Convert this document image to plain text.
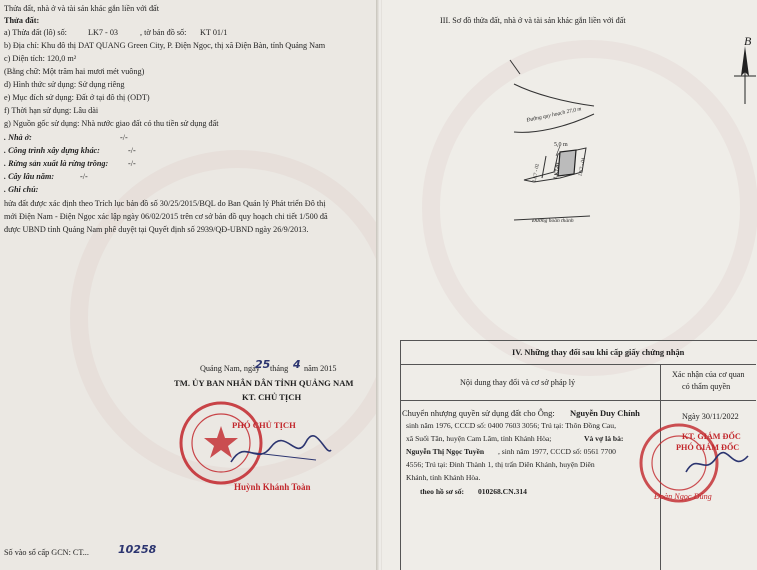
Thửa đất, nhà ở và tài sản khác gắn liền với đất
Thửa đất:
a) Thửa đất (lô) số:	LK7 - 03	, tờ bản đồ số: KT 01/1
b) Địa chỉ: Khu đô thị DAT QUANG Green City, P. Điện Ngọc, thị xã Điện Bàn, tỉnh Quảng Nam
c) Diện tích: 120,0 m²
(Bằng chữ: Một trăm hai mươi mét vuông)
d) Hình thức sử dụng: Sử dụng riêng
e) Mục đích sử dụng: Đất ở tại đô thị (ODT)
f) Thời hạn sử dụng: Lâu dài
g) Nguồn gốc sử dụng: Nhà nước giao đất có thu tiền sử dụng đất
. Nhà ở:	-/-
. Công trình xây dựng khác:	-/-
. Rừng sản xuất là rừng trồng: -/-
. Cây lâu năm:	-/-
. Ghi chú:
hửa đất được xác định theo Trích lục bản đồ số 30/25/2015/BQL do Ban Quản lý Phát triển Đô thị
mới Điện Nam - Điện Ngọc xác lập ngày 06/02/2015 trên cơ sở bản đồ quy hoạch chi tiết 1/500 đã
được UBND tỉnh Quảng Nam phê duyệt tại Quyết định số 2939/QĐ-UBND ngày 26/9/2013.
Quảng Nam, ngày
25 tháng 4 năm 2015
TM. ỦY BAN NHÂN DÂN TỈNH QUẢNG NAM
KT. CHỦ TỊCH
PHÓ CHỦ TỊCH
Huỳnh Khánh Toàn
Số vào sổ cấp GCN: CT...	10258
III. Sơ đồ thửa đất, nhà ở và tài sản khác gắn liền với đất
B
Đường quy hoạch 27,0 m
5,0 m
LK7 - 02	LK7-03	LK7 - 04
Đường hoàn thành
IV. Những thay đổi sau khi cấp giấy chứng nhận
Nội dung thay đổi và cơ sở pháp lý
Xác nhận của cơ quan
có thẩm quyền
Chuyển nhượng quyền sử dụng đất cho Ông: Nguyễn Duy Chính
sinh năm 1976, CCCD số: 0400 7603 3056; Trú tại: Thôn Đồng Cau,
xã Suối Tân, huyện Cam Lâm, tỉnh Khánh Hòa;	Và vợ là bà:
Nguyễn Thị Ngọc Tuyền , sinh năm 1977, CCCD số: 0561 7700
4556; Trú tại: Đinh Thành 1, thị trấn Diên Khánh, huyện Diên
Khánh, tỉnh Khánh Hòa.
theo hồ sơ số: 010268.CN.314
Ngày 30/11/2022
KT. GIÁM ĐỐC
PHÓ GIÁM ĐỐC
Đoàn Ngọc Dũng
